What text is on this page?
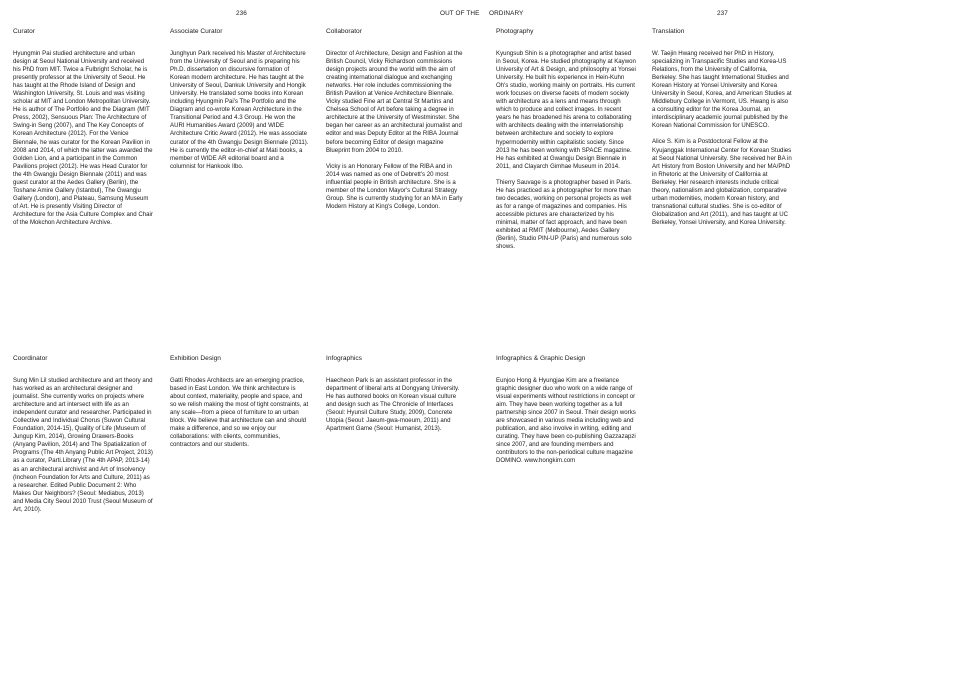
236	OUT OF THE ORDINARY	237
Curator

Hyungmin Pai studied architecture and urban design at Seoul National University and received his PhD from MIT. Twice a Fulbright Scholar, he is presently professor at the University of Seoul. He has taught at the Rhode Island of Design and Washington University, St. Louis and was visiting scholar at MIT and London Metropolitan University. He is author of The Portfolio and the Diagram (MIT Press, 2002), Sensuous Plan: The Architecture of Swing-in Seng (2007), and The Key Concepts of Korean Architecture (2012). For the Venice Biennale, he was curator for the Korean Pavilion in 2008 and 2014, of which the latter was awarded the Golden Lion, and a participant in the Common Pavilions project (2012). He was Head Curator for the 4th Gwangju Design Biennale (2011) and was guest curator at the Aedes Gallery (Berlin), the Toshane Amire Gallery (Istanbul), The Gwangju Gallery (London), and Plateau, Samsung Museum of Art. He is presently Visiting Director of Architecture for the Asia Culture Complex and Chair of the Mokchon Architecture Archive.

Associate Curator

Junghyun Park received his Master of Architecture from the University of Seoul and is preparing his Ph.D. dissertation on discursive formation of Korean modern architecture. He has taught at the University of Seoul, Dankuk University and Hongik University. He translated some books into Korean including Hyungmin Pai's The Portfolio and the Diagram and co-wrote Korean Architecture in the Transitional Period and 4.3 Group. He won the AURI Humanities Award (2009) and WIDE Architecture Critic Award (2012). He was associate curator of the 4th Gwangju Design Biennale (2011). He is currently the editor-in-chief at Mati books, a member of WIDE AR editorial board and a columnist for Hankook Ilbo.

Collaborator

Director of Architecture, Design and Fashion at the British Council, Vicky Richardson commissions design projects around the world with the aim of creating international dialogue and exchanging networks. Her role includes commissioning the British Pavilion at Venice Architecture Biennale. Vicky studied Fine art at Central St Martins and Chelsea School of Art before taking a degree in architecture at the University of Westminster. She began her career as an architectural journalist and editor and was Deputy Editor at the RIBA Journal before becoming Editor of design magazine Blueprint from 2004 to 2010.

Vicky is an Honorary Fellow of the RIBA and in 2014 was named as one of Debrett's 20 most influential people in British architecture. She is a member of the London Mayor's Cultural Strategy Group. She is currently studying for an MA in Early Modern History at King's College, London.

Photography

Kyungsub Shin is a photographer and artist based in Seoul, Korea. He studied photography at Kaywon University of Art & Design, and philosophy at Yonsei University. He built his experience in Hein-Kuhn Oh's studio, working mainly on portraits. His current work focuses on diverse facets of modern society with architecture as a lens and means through which to produce and collect images. In recent years he has broadened his arena to collaborating with architects dealing with the interrelationship between architecture and society to explore hypermodernity within capitalistic society. Since 2013 he has been working with SPACE magazine. He has exhibited at Gwangju Design Biennale in 2011, and Clayarch Gimhae Museum in 2014.

Thierry Sauvage is a photographer based in Paris. He has practiced as a photographer for more than two decades, working on personal projects as well as for a range of magazines and companies. His accessible pictures are characterized by his minimal, matter of fact approach, and have been exhibited at RMIT (Melbourne), Aedes Gallery (Berlin), Studio PIN-UP (Paris) and numerous solo shows.

Translation

W. Taejin Hwang received her PhD in History, specializing in Transpacific Studies and Korea-US Relations, from the University of California, Berkeley. She has taught International Studies and Korean History at Yonsei University and Korea University in Seoul, Korea, and American Studies at Middlebury College in Vermont, US. Hwang is also a consulting editor for the Korea Journal, an interdisciplinary academic journal published by the Korean National Commission for UNESCO.

Alice S. Kim is a Postdoctoral Fellow at the Kyujanggak International Center for Korean Studies at Seoul National University. She received her BA in Art History from Boston University and her MA/PhD in Rhetoric at the University of California at Berkeley. Her research interests include critical theory, nationalism and globalization, comparative urban modernities, modern Korean history, and transnational cultural studies. She is co-editor of Globalization and Art (2011), and has taught at UC Berkeley, Yonsei University, and Korea University.

Coordinator

Sung Min Lil studied architecture and art theory and has worked as an architectural designer and journalist. She currently works on projects where architecture and art intersect with life as an independent curator and researcher. Participated in Collective and Individual Chorus (Suwon Cultural Foundation, 2014-15), Quality of Life (Museum of Jungup Kim, 2014), Growing Drawers-Books (Anyang Pavilion, 2014) and The Spatialization of Programs (The 4th Anyang Public Art Project, 2013) as a curator, Parti.Library (The 4th APAP, 2013-14) as an architectural archivist and Art of Insolvency (Incheon Foundation for Arts and Culture, 2011) as a researcher. Edited Public Document 2: Who Makes Our Neighbors? (Seoul: Mediabus, 2013) and Media City Seoul 2010 Trust (Seoul Museum of Art, 2010).

Exhibition Design

Gatti Rhodes Architects are an emerging practice, based in East London. We think architecture is about context, materiality, people and space, and so we relish making the most of tight constraints, at any scale—from a piece of furniture to an urban block. We believe that architecture can and should make a difference, and so we enjoy our collaborations: with clients, communities, contractors and our students.

Infographics

Haecheon Park is an assistant professor in the department of liberal arts at Dongyang University. He has authored books on Korean visual culture and design such as The Chronicle of Interfaces (Seoul: Hyunsil Culture Study, 2009), Concrete Utopia (Seoul: Jaeum-gwa-moeum, 2011) and Apartment Game (Seoul: Humanist, 2013).

Infographics & Graphic Design

Eunjoo Hong & Hyungjae Kim are a freelance graphic designer duo who work on a wide range of visual experiments without restrictions in concept or aim. They have been working together as a full partnership since 2007 in Seoul. Their design works are showcased in various media including web and publication, and also involve in writing, editing and curating. They have been co-publishing Gazzazapzi since 2007, and are founding members and contributors to the non-periodical culture magazine DOMINO. www.hongkim.com
